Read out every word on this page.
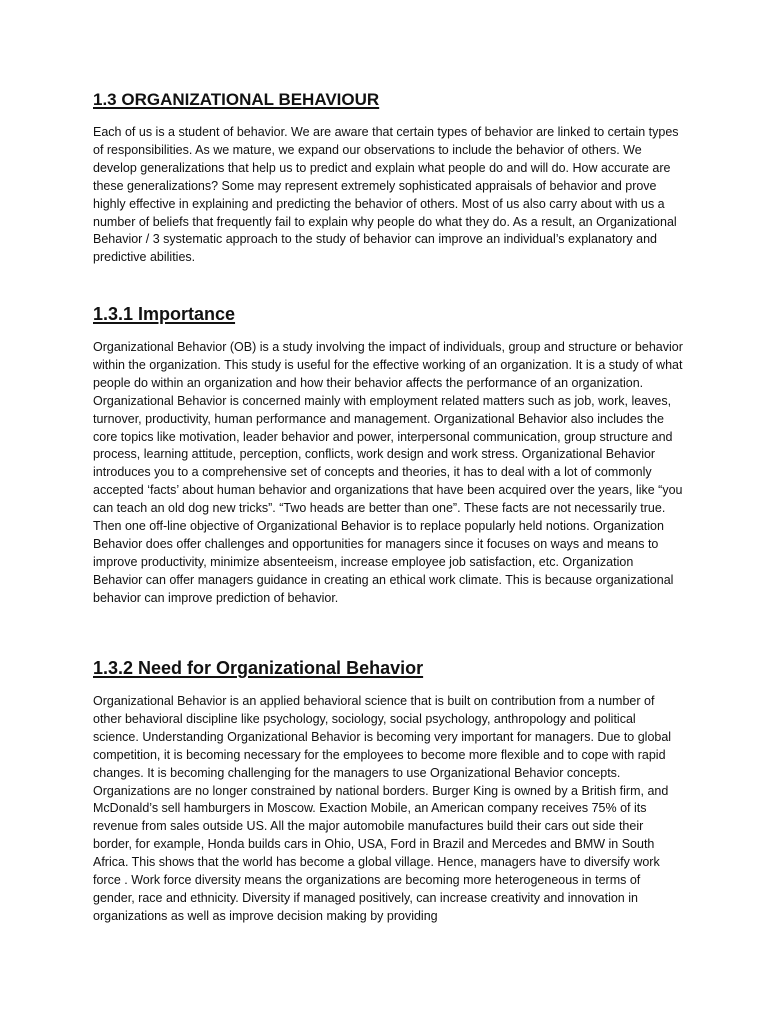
1.3 ORGANIZATIONAL BEHAVIOUR

Each of us is a student of behavior. We are aware that certain types of behavior are linked to certain types of responsibilities. As we mature, we expand our observations to include the behavior of others. We develop generalizations that help us to predict and explain what people do and will do. How accurate are these generalizations? Some may represent extremely sophisticated appraisals of behavior and prove highly effective in explaining and predicting the behavior of others. Most of us also carry about with us a number of beliefs that frequently fail to explain why people do what they do. As a result, an Organizational Behavior / 3 systematic approach to the study of behavior can improve an individual’s explanatory and predictive abilities.

1.3.1 Importance

Organizational Behavior (OB) is a study involving the impact of individuals, group and structure or behavior within the organization. This study is useful for the effective working of an organization. It is a study of what people do within an organization and how their behavior affects the performance of an organization. Organizational Behavior is concerned mainly with employment related matters such as job, work, leaves, turnover, productivity, human performance and management. Organizational Behavior also includes the core topics like motivation, leader behavior and power, interpersonal communication, group structure and process, learning attitude, perception, conflicts, work design and work stress. Organizational Behavior introduces you to a comprehensive set of concepts and theories, it has to deal with a lot of commonly accepted ‘facts’ about human behavior and organizations that have been acquired over the years, like “you can teach an old dog new tricks”. “Two heads are better than one”. These facts are not necessarily true. Then one off-line objective of Organizational Behavior is to replace popularly held notions. Organization Behavior does offer challenges and opportunities for managers since it focuses on ways and means to improve productivity, minimize absenteeism, increase employee job satisfaction, etc. Organization Behavior can offer managers guidance in creating an ethical work climate. This is because organizational behavior can improve prediction of behavior.

1.3.2 Need for Organizational Behavior

Organizational Behavior is an applied behavioral science that is built on contribution from a number of other behavioral discipline like psychology, sociology, social psychology, anthropology and political science. Understanding Organizational Behavior is becoming very important for managers. Due to global competition, it is becoming necessary for the employees to become more flexible and to cope with rapid changes. It is becoming challenging for the managers to use Organizational Behavior concepts. Organizations are no longer constrained by national borders. Burger King is owned by a British firm, and McDonald’s sell hamburgers in Moscow. Exaction Mobile, an American company receives 75% of its revenue from sales outside US. All the major automobile manufactures build their cars out side their border, for example, Honda builds cars in Ohio, USA, Ford in Brazil and Mercedes and BMW in South Africa. This shows that the world has become a global village. Hence, managers have to diversify work force . Work force diversity means the organizations are becoming more heterogeneous in terms of gender, race and ethnicity. Diversity if managed positively, can increase creativity and innovation in organizations as well as improve decision making by providing
